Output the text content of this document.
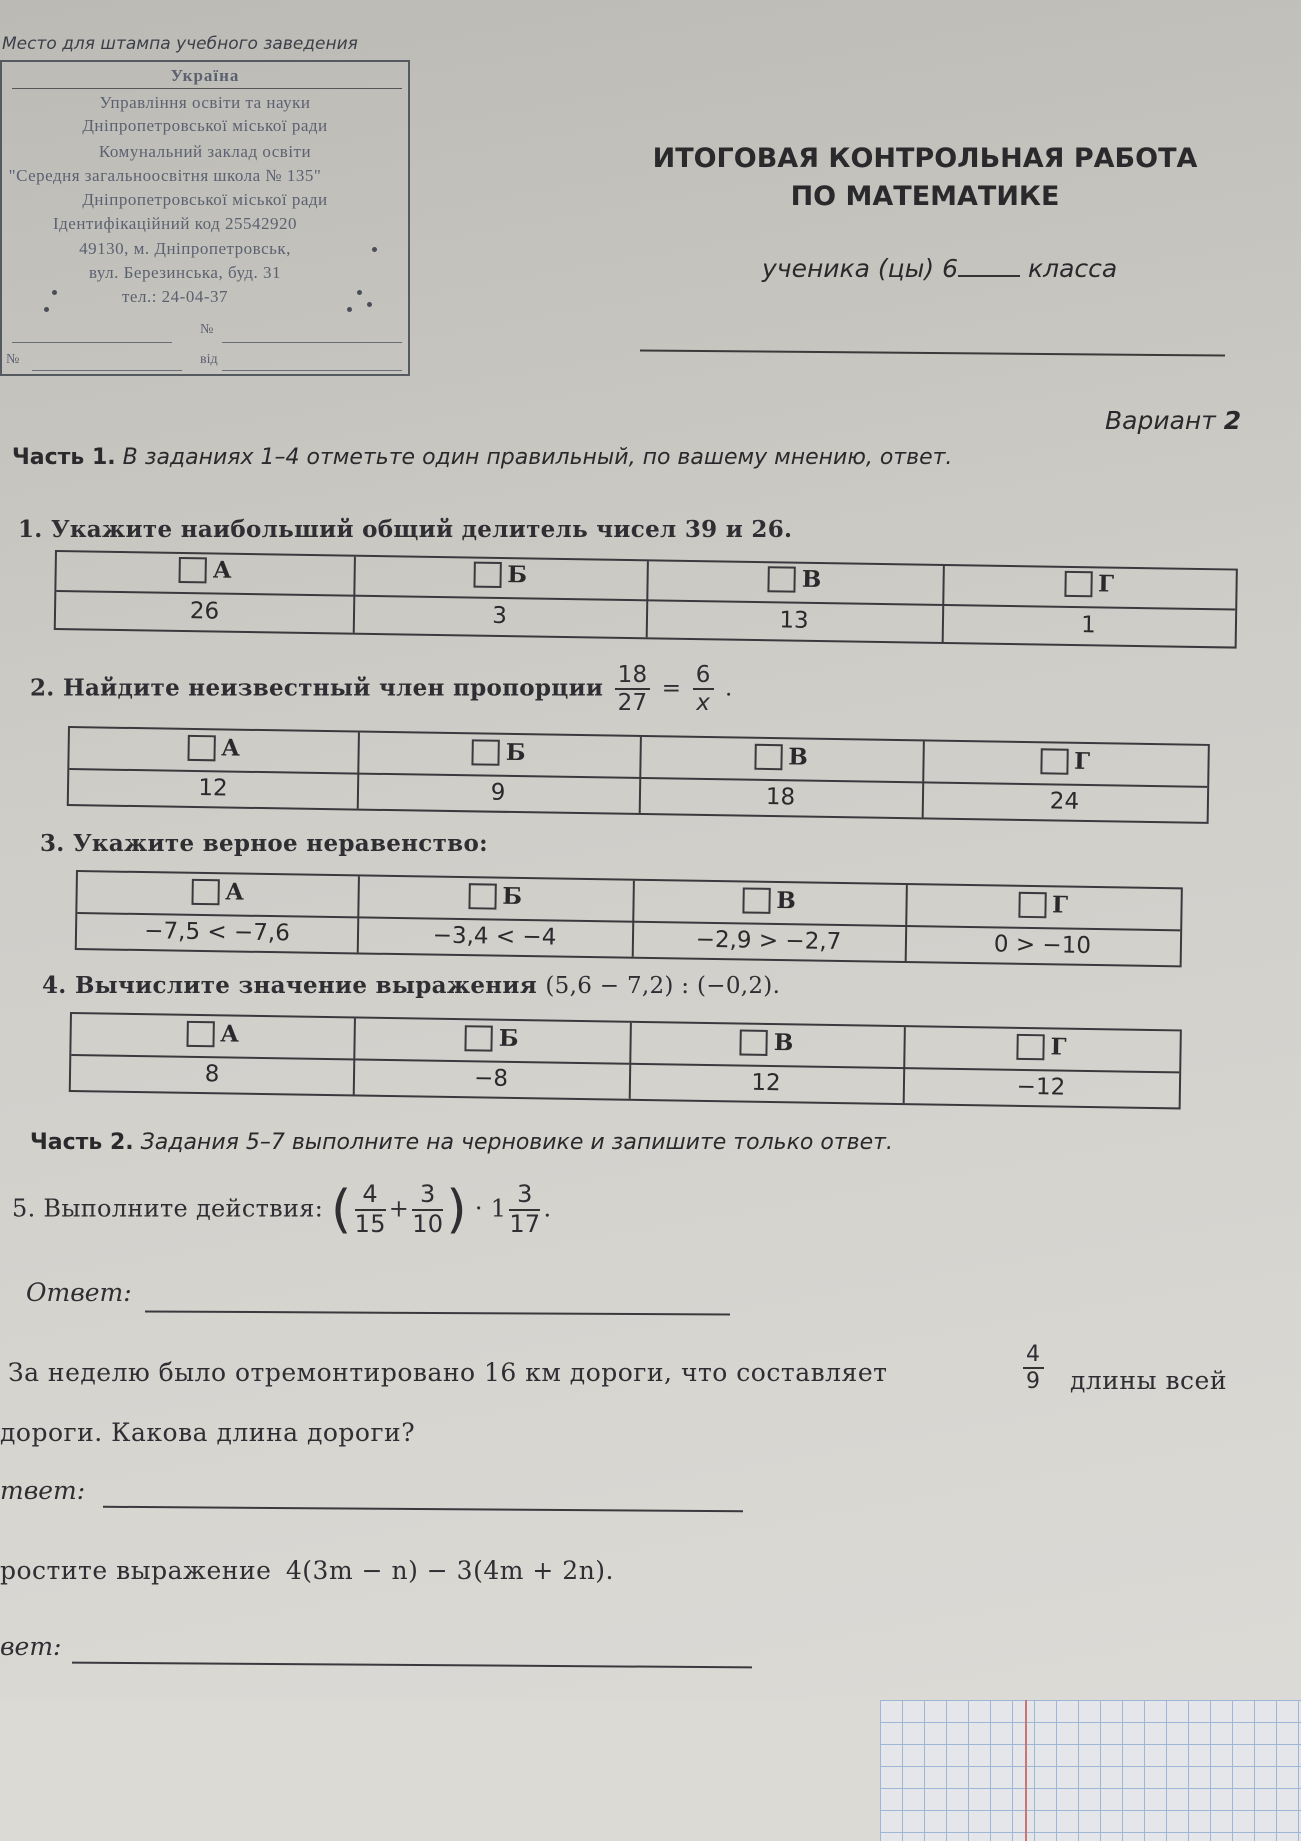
Україна
Управління освіти та науки
Дніпропетровської міської ради
Комунальний заклад освіти
"Середня загальноосвітня школа № 135"
Дніпропетровської міської ради
Ідентифікаційний код 25542920
49130, м. Дніпропетровськ,
вул. Березинська, буд. 31
тел.: 24-04-37
№
№	від
Место для штампа учебного заведения
ИТОГОВАЯ КОНТРОЛЬНАЯ РАБОТА
ПО МАТЕМАТИКЕ
ученика (цы) 6	класса
Вариант 2
Часть 1. В заданиях 1–4 отметьте один правильный, по вашему мнению, ответ.
1. Укажите наибольший общий делитель чисел 39 и 26.
А	Б	В	Г
26	3	13	1
2. Найдите неизвестный член пропорции $\frac{18}{27} = \frac{6}{x}$ .
А	Б	В	Г
12	9	18	24
3. Укажите верное неравенство:
А	Б	В	Г
−7,5 < −7,6	−3,4 < −4	−2,9 > −2,7	0 > −10
4. Вычислите значение выражения (5,6 − 7,2) : (−0,2).
А	Б	В	Г
8	−8	12	−12
Часть 2. Задания 5–7 выполните на черновике и запишите только ответ.
5. Выполните действия: ( $\frac{4}{15} + \frac{3}{10}$ ) · $1 \frac{3}{17}$ .
Ответ:
За неделю было отремонтировано 16 км дороги, что составляет	$\frac{4}{9}$ длины всей
дороги. Какова длина дороги?
твет:
ростите выражение 4(3m − n) − 3(4m + 2n).
вет:
